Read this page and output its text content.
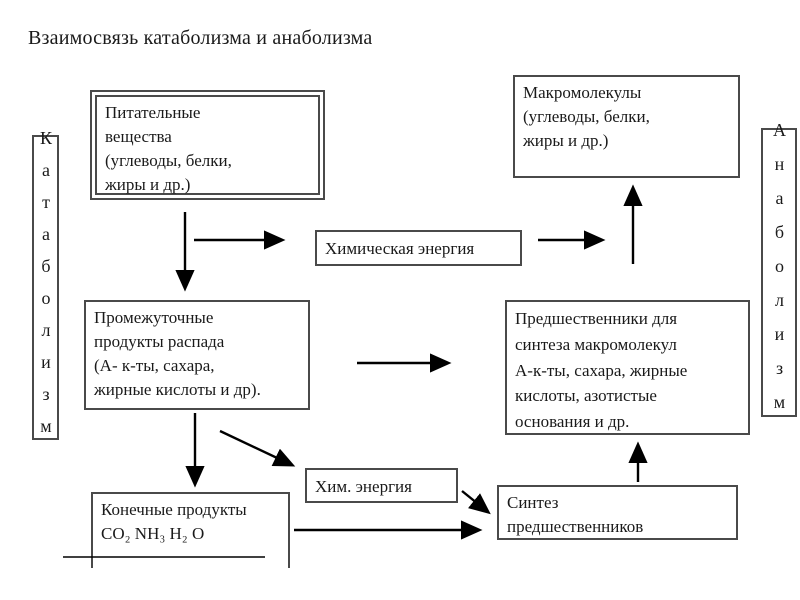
Взаимосвязь катаболизма и анаболизма
Катаболизм	Анаболизм
Питательные
вещества
(углеводы, белки,
жиры и др.)
Макромолекулы
(углеводы, белки,
жиры и др.)
Химическая энергия
Промежуточные
продукты распада
(А- к-ты, сахара,
жирные кислоты и др).
Предшественники для
синтеза макромолекул
А-к-ты, сахара, жирные
кислоты, азотистые
основания и др.
Хим. энергия
Конечные продукты
CO₂ NH₃ H₂ O
Синтез
предшественников
